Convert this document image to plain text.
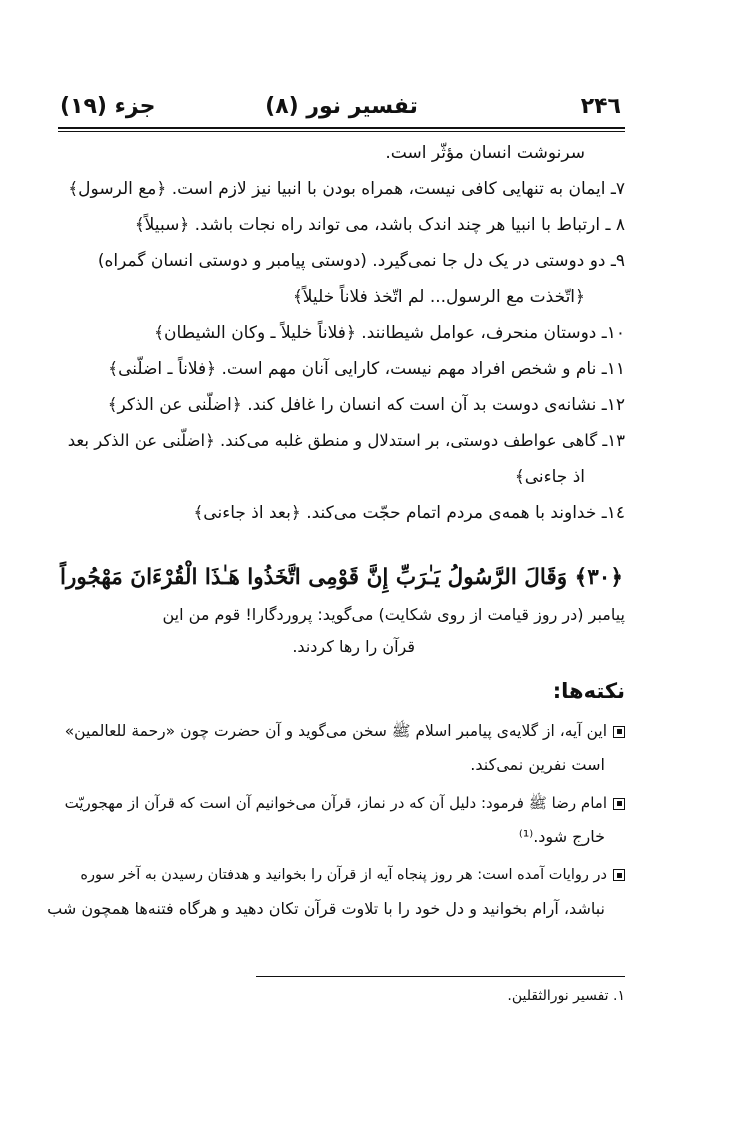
۲۴٦
تفسیر نور (۸)
جزء (۱۹)
سرنوشت انسان مؤثّر است.
۷ـ ایمان به تنهایی کافی نیست، همراه بودن با انبیا نیز لازم است. ﴿مع الرسول﴾
۸ ـ ارتباط با انبیا هر چند اندک باشد، می توا‌ند راه نجات باشد. ﴿سبیلاً﴾
۹ـ دو دوستی در یک دل جا نمی‌گیرد. (دوستی پیامبر و دوستی انسان گمراه)
﴿اتّخذت مع الرسول... لم اتّخذ فلاناً خلیلاً﴾
۱۰ـ دوستان منحرف، عوامل شیطانند. ﴿فلاناً خلیلاً ـ وکان الشیطان﴾
۱۱ـ نام و شخص افراد مهم نیست، کارایی آنان مهم است. ﴿فلاناً ـ اضلّنی﴾
۱۲ـ نشانه‌ی دوست بد آن است که انسان را غافل کند. ﴿اضلّنی عن الذکر﴾
۱۳ـ گاهی عواطف دوستی، بر استدلال و منطق غلبه می‌کند. ﴿اضلّنی عن الذکر بعد
اذ جاءنی﴾
۱٤ـ خداوند با همه‌ی مردم اتمام حجّت می‌کند. ﴿بعد اذ جاءنی﴾
﴿۳۰﴾ وَقَالَ الرَّسُولُ يَـٰرَبِّ إِنَّ قَوْمِى اتَّخَذُوا هَـٰذَا الْقُرْءَانَ مَهْجُوراً
پیامبر (در روز قیامت از روی شکایت) می‌گوید: پروردگارا! قوم من این
قرآن را رها کردند.
نکته‌ها:
این آیه، از گلایه‌ی پیامبر اسلام ﷺ سخن می‌گوید و آن حضرت چون «رحمة للعالمین»
است نفرین نمی‌کند.
امام رضا ﷺ فرمود: دلیل آن که در نماز، قرآن می‌خوانیم آن است که قرآن از مهجوریّت
خارج شود.⁽¹⁾
در روایات آمده است: هر روز پنجاه آیه از قرآن را بخوانید و هدفتان رسیدن به آخر سوره
نباشد، آرام بخوانید و دل خود را با تلاوت قرآن تکان دهید و هرگاه فتنه‌ها همچون شب
۱. تفسیر نورالثقلین.
